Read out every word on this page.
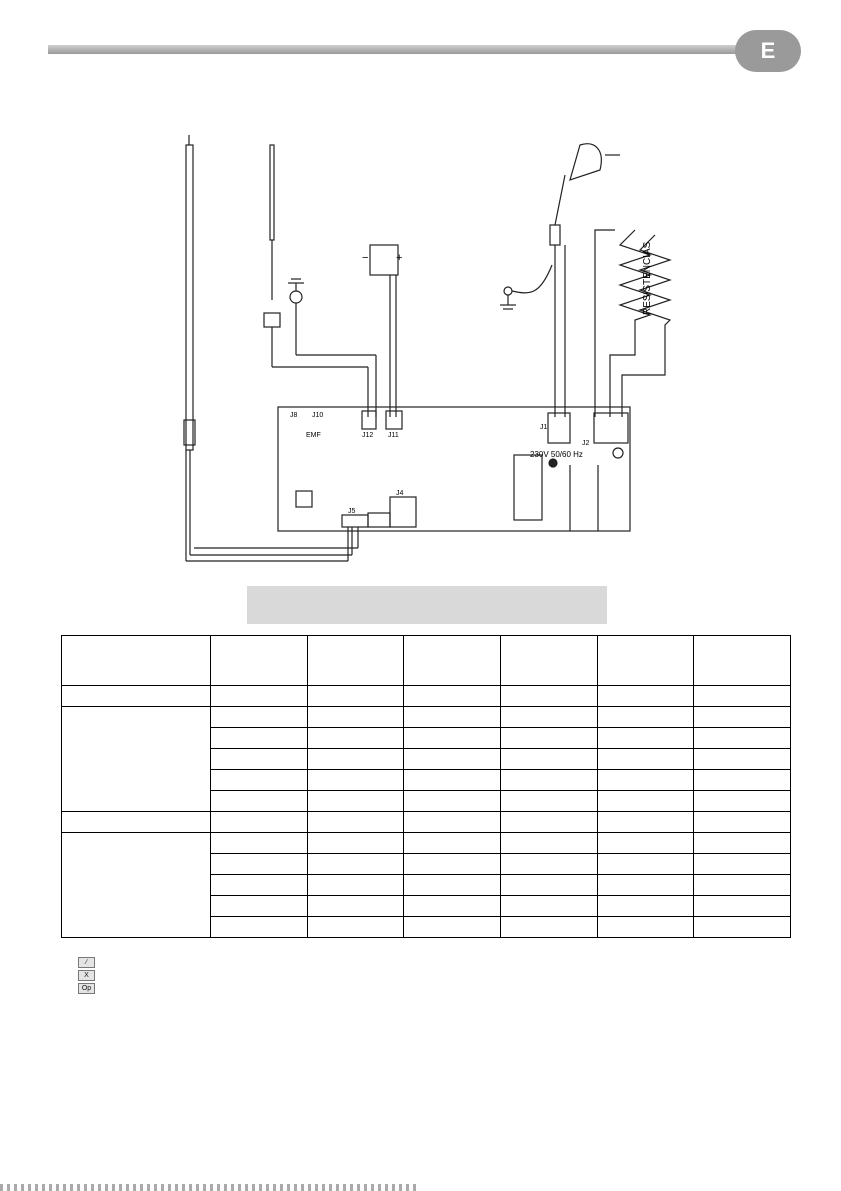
E
RESISTENCIAS
230V 50/60 Hz
−	+
J8 J10
EMF	J12 J11
J1
J2
J5
J4

∕
X
Op
